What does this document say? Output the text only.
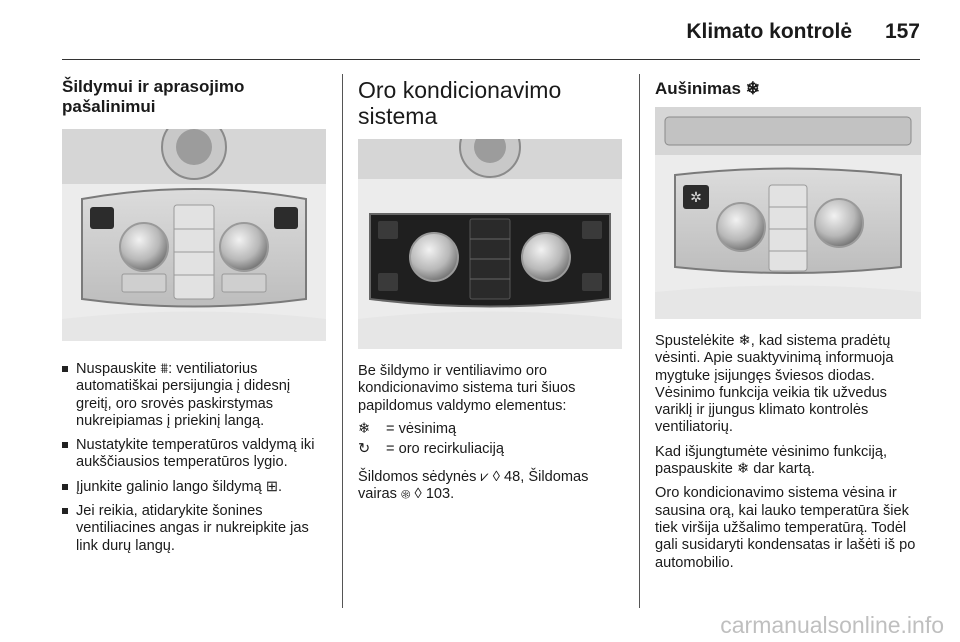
Klimato kontrolė 157
Šildymui ir aprasojimo pašalinimui
Nuspauskite ⩩: ventiliatorius automatiškai persijungia į didesnį greitį, oro srovės paskirstymas nukreipiamas į priekinį langą.
Nustatykite temperatūros valdymą iki aukščiausios temperatūros lygio.
Įjunkite galinio lango šildymą ⊞.
Jei reikia, atidarykite šonines ventiliacines angas ir nukreipkite jas link durų langų.
Oro kondicionavimo sistema
Be šildymo ir ventiliavimo oro kondicionavimo sistema turi šiuos papildomus valdymo elementus:
❄	= vėsinimą
↻	= oro recirkuliaciją
Šildomos sėdynės ⩗ ◊ 48, Šildomas vairas ⊛ ◊ 103.
Aušinimas ❄
✲

Spustelėkite ❄, kad sistema pradėtų vėsinti. Apie suaktyvinimą informuoja mygtuke įsijungęs šviesos diodas. Vėsinimo funkcija veikia tik užvedus variklį ir įjungus klimato kontrolės ventiliatorių.

Kad išjungtumėte vėsinimo funkciją, paspauskite ❄ dar kartą.

Oro kondicionavimo sistema vėsina ir sausina orą, kai lauko temperatūra šiek tiek viršija užšalimo temperatūrą. Todėl gali susidaryti kondensatas ir lašėti iš po automobilio.

carmanualsonline.info
